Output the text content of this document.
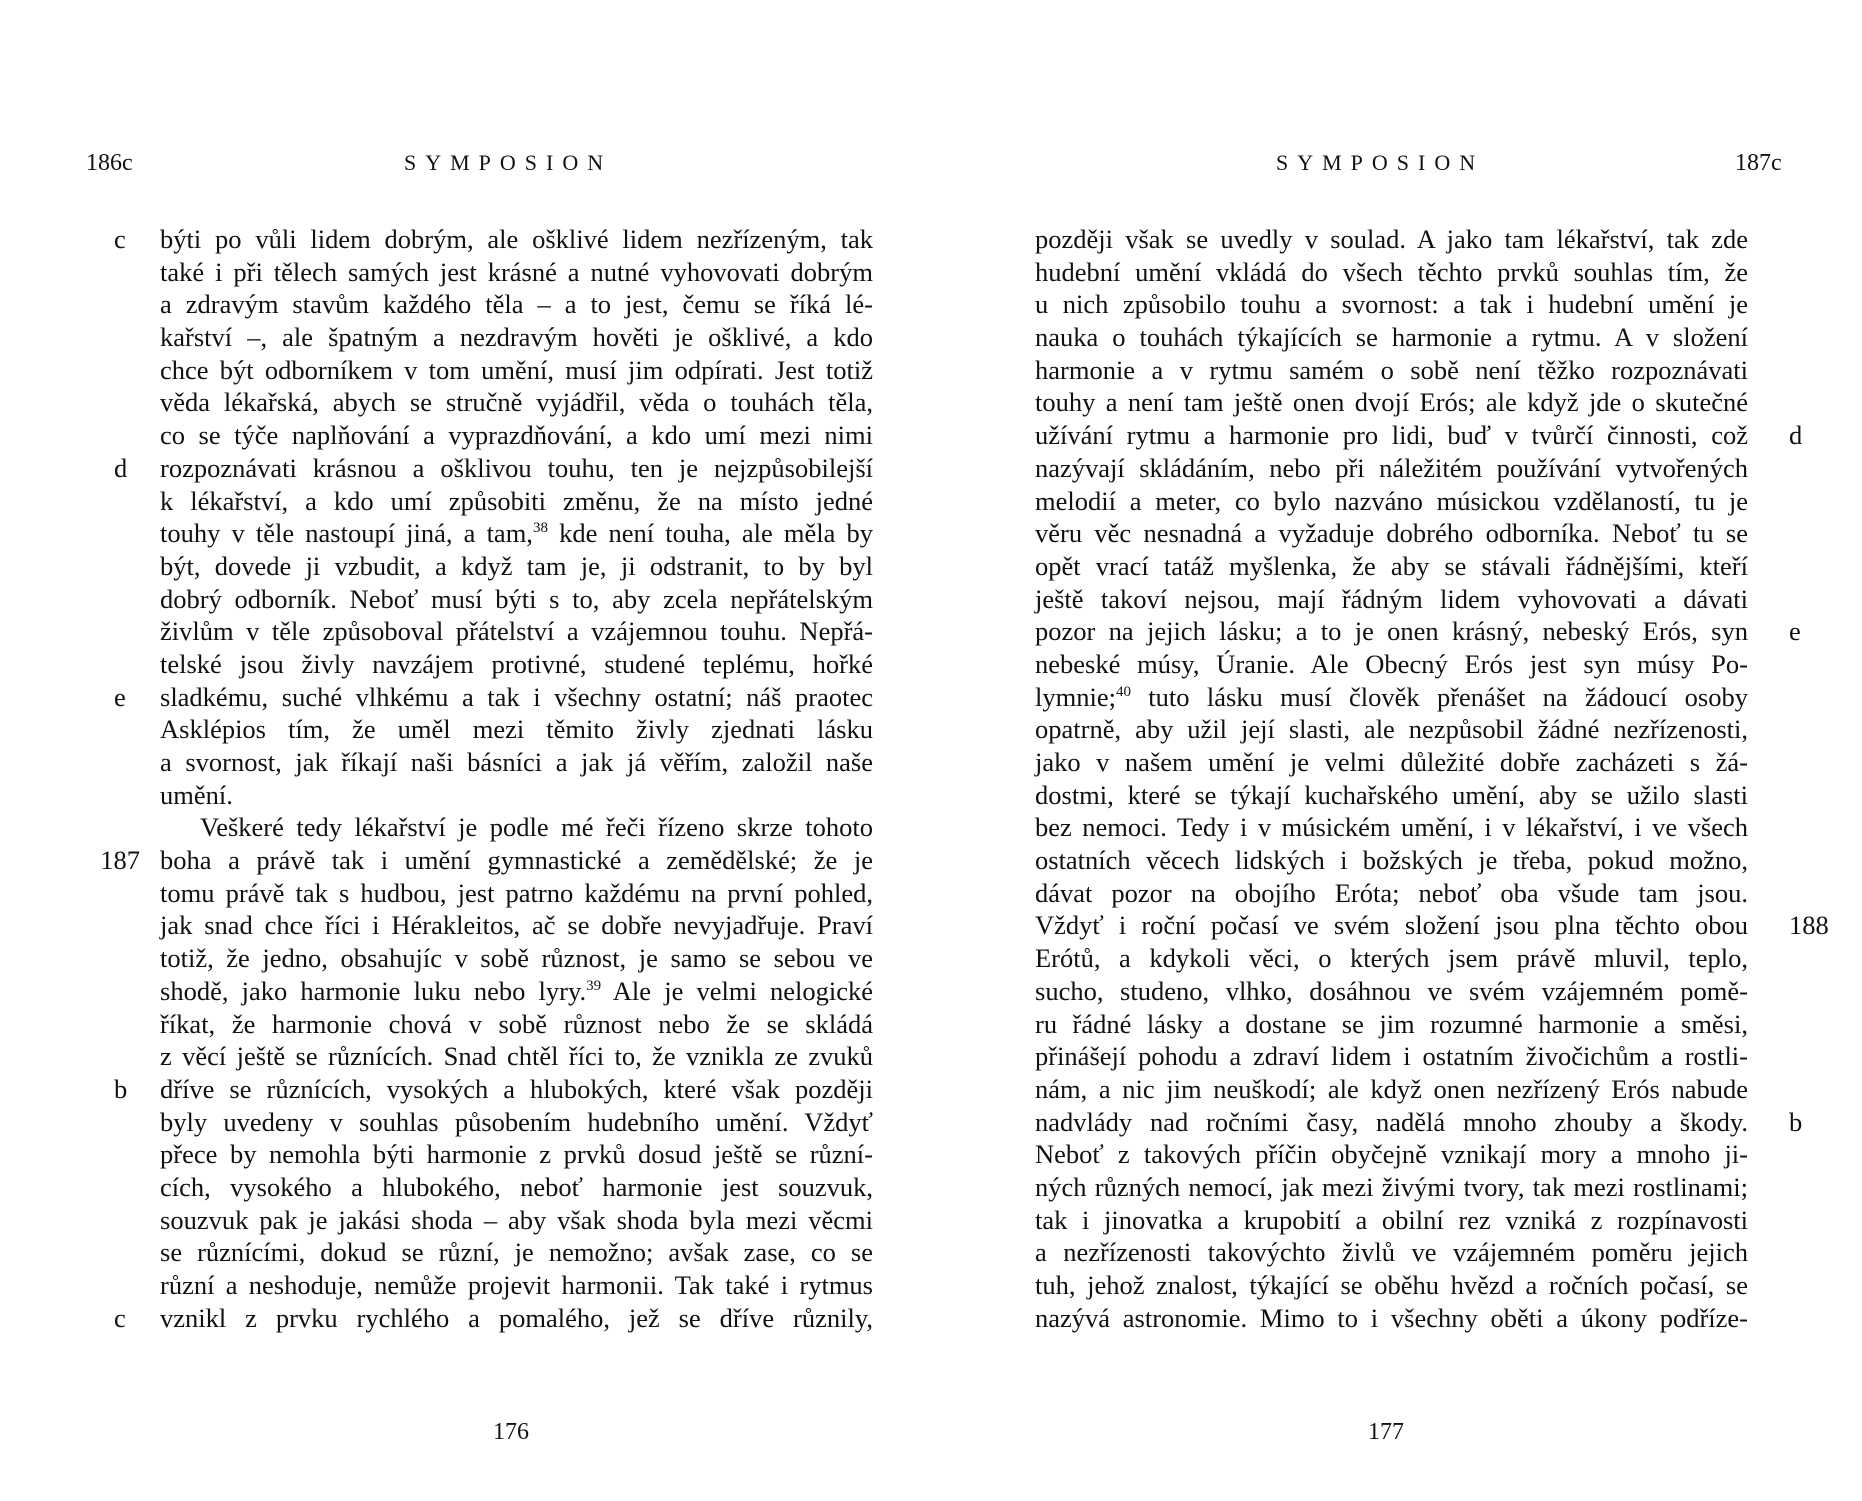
186c	SYMPOSION
c	býti po vůli lidem dobrým, ale ošklivé lidem nezřízeným, tak
také i při tělech samých jest krásné a nutné vyhovovati dobrým
a zdravým stavům každého těla – a to jest, čemu se říká lé-
kařství –, ale špatným a nezdravým hověti je ošklivé, a kdo
chce být odborníkem v tom umění, musí jim odpírati. Jest totiž
věda lékařská, abych se stručně vyjádřil, věda o touhách těla,
co se týče naplňování a vyprazdňování, a kdo umí mezi nimi
d	rozpoznávati krásnou a ošklivou touhu, ten je nejzpůsobilejší
k lékařství, a kdo umí způsobiti změnu, že na místo jedné
touhy v těle nastoupí jiná, a tam,$^{38}$ kde není touha, ale měla by
být, dovede ji vzbudit, a když tam je, ji odstranit, to by byl
dobrý odborník. Neboť musí býti s to, aby zcela nepřátelským
živlům v těle způsoboval přátelství a vzájemnou touhu. Nepřá-
telské jsou živly navzájem protivné, studené teplému, hořké
e	sladkému, suché vlhkému a tak i všechny ostatní; náš praotec
Asklépios tím, že uměl mezi těmito živly zjednati lásku
a svornost, jak říkají naši básníci a jak já věřím, založil naše
umění.
Veškeré tedy lékařství je podle mé řeči řízeno skrze tohoto
187 boha a právě tak i umění gymnastické a zemědělské; že je
tomu právě tak s hudbou, jest patrno každému na první pohled,
jak snad chce říci i Hérakleitos, ač se dobře nevyjadřuje. Praví
totiž, že jedno, obsahujíc v sobě různost, je samo se sebou ve
shodě, jako harmonie luku nebo lyry.$^{39}$ Ale je velmi nelogické
říkat, že harmonie chová v sobě různost nebo že se skládá
z věcí ještě se různících. Snad chtěl říci to, že vznikla ze zvuků
b	dříve se různících, vysokých a hlubokých, které však později
byly uvedeny v souhlas působením hudebního umění. Vždyť
přece by nemohla býti harmonie z prvků dosud ještě se různí-
cích, vysokého a hlubokého, neboť harmonie jest souzvuk,
souzvuk pak je jakási shoda – aby však shoda byla mezi věcmi
se různícími, dokud se různí, je nemožno; avšak zase, co se
různí a neshoduje, nemůže projevit harmonii. Tak také i rytmus
c	vznikl z prvku rychlého a pomalého, jež se dříve různily,
176
SYMPOSION	187c
později však se uvedly v soulad. A jako tam lékařství, tak zde
hudební umění vkládá do všech těchto prvků souhlas tím, že
u nich způsobilo touhu a svornost: a tak i hudební umění je
nauka o touhách týkajících se harmonie a rytmu. A v složení
harmonie a v rytmu samém o sobě není těžko rozpoznávati
touhy a není tam ještě onen dvojí Erós; ale když jde o skutečné
d
užívání rytmu a harmonie pro lidi, buď v tvůrčí činnosti, což
nazývají skládáním, nebo při náležitém používání vytvořených
melodií a meter, co bylo nazváno músickou vzdělaností, tu je
věru věc nesnadná a vyžaduje dobrého odborníka. Neboť tu se
opět vrací tatáž myšlenka, že aby se stávali řádnějšími, kteří
ještě takoví nejsou, mají řádným lidem vyhovovati a dávati
e
pozor na jejich lásku; a to je onen krásný, nebeský Erós, syn
nebeské músy, Úranie. Ale Obecný Erós jest syn músy Po-
lymnie;$^{40}$ tuto lásku musí člověk přenášet na žádoucí osoby
opatrně, aby užil její slasti, ale nezpůsobil žádné nezřízenosti,
jako v našem umění je velmi důležité dobře zacházeti s žá-
dostmi, které se týkají kuchařského umění, aby se užilo slasti
bez nemoci. Tedy i v músickém umění, i v lékařství, i ve všech
ostatních věcech lidských i božských je třeba, pokud možno,
dávat pozor na obojího Eróta; neboť oba všude tam jsou.
188
Vždyť i roční počasí ve svém složení jsou plna těchto obou
Erótů, a kdykoli věci, o kterých jsem právě mluvil, teplo,
sucho, studeno, vlhko, dosáhnou ve svém vzájemném pomě-
ru řádné lásky a dostane se jim rozumné harmonie a směsi,
přinášejí pohodu a zdraví lidem i ostatním živočichům a rostli-
nám, a nic jim neuškodí; ale když onen nezřízený Erós nabude
b
nadvlády nad ročními časy, nadělá mnoho zhouby a škody.
Neboť z takových příčin obyčejně vznikají mory a mnoho ji-
ných různých nemocí, jak mezi živými tvory, tak mezi rostlinami;
tak i jinovatka a krupobití a obilní rez vzniká z rozpínavosti
a nezřízenosti takovýchto živlů ve vzájemném poměru jejich
tuh, jehož znalost, týkající se oběhu hvězd a ročních počasí, se
nazývá astronomie. Mimo to i všechny oběti a úkony podříze-
177
